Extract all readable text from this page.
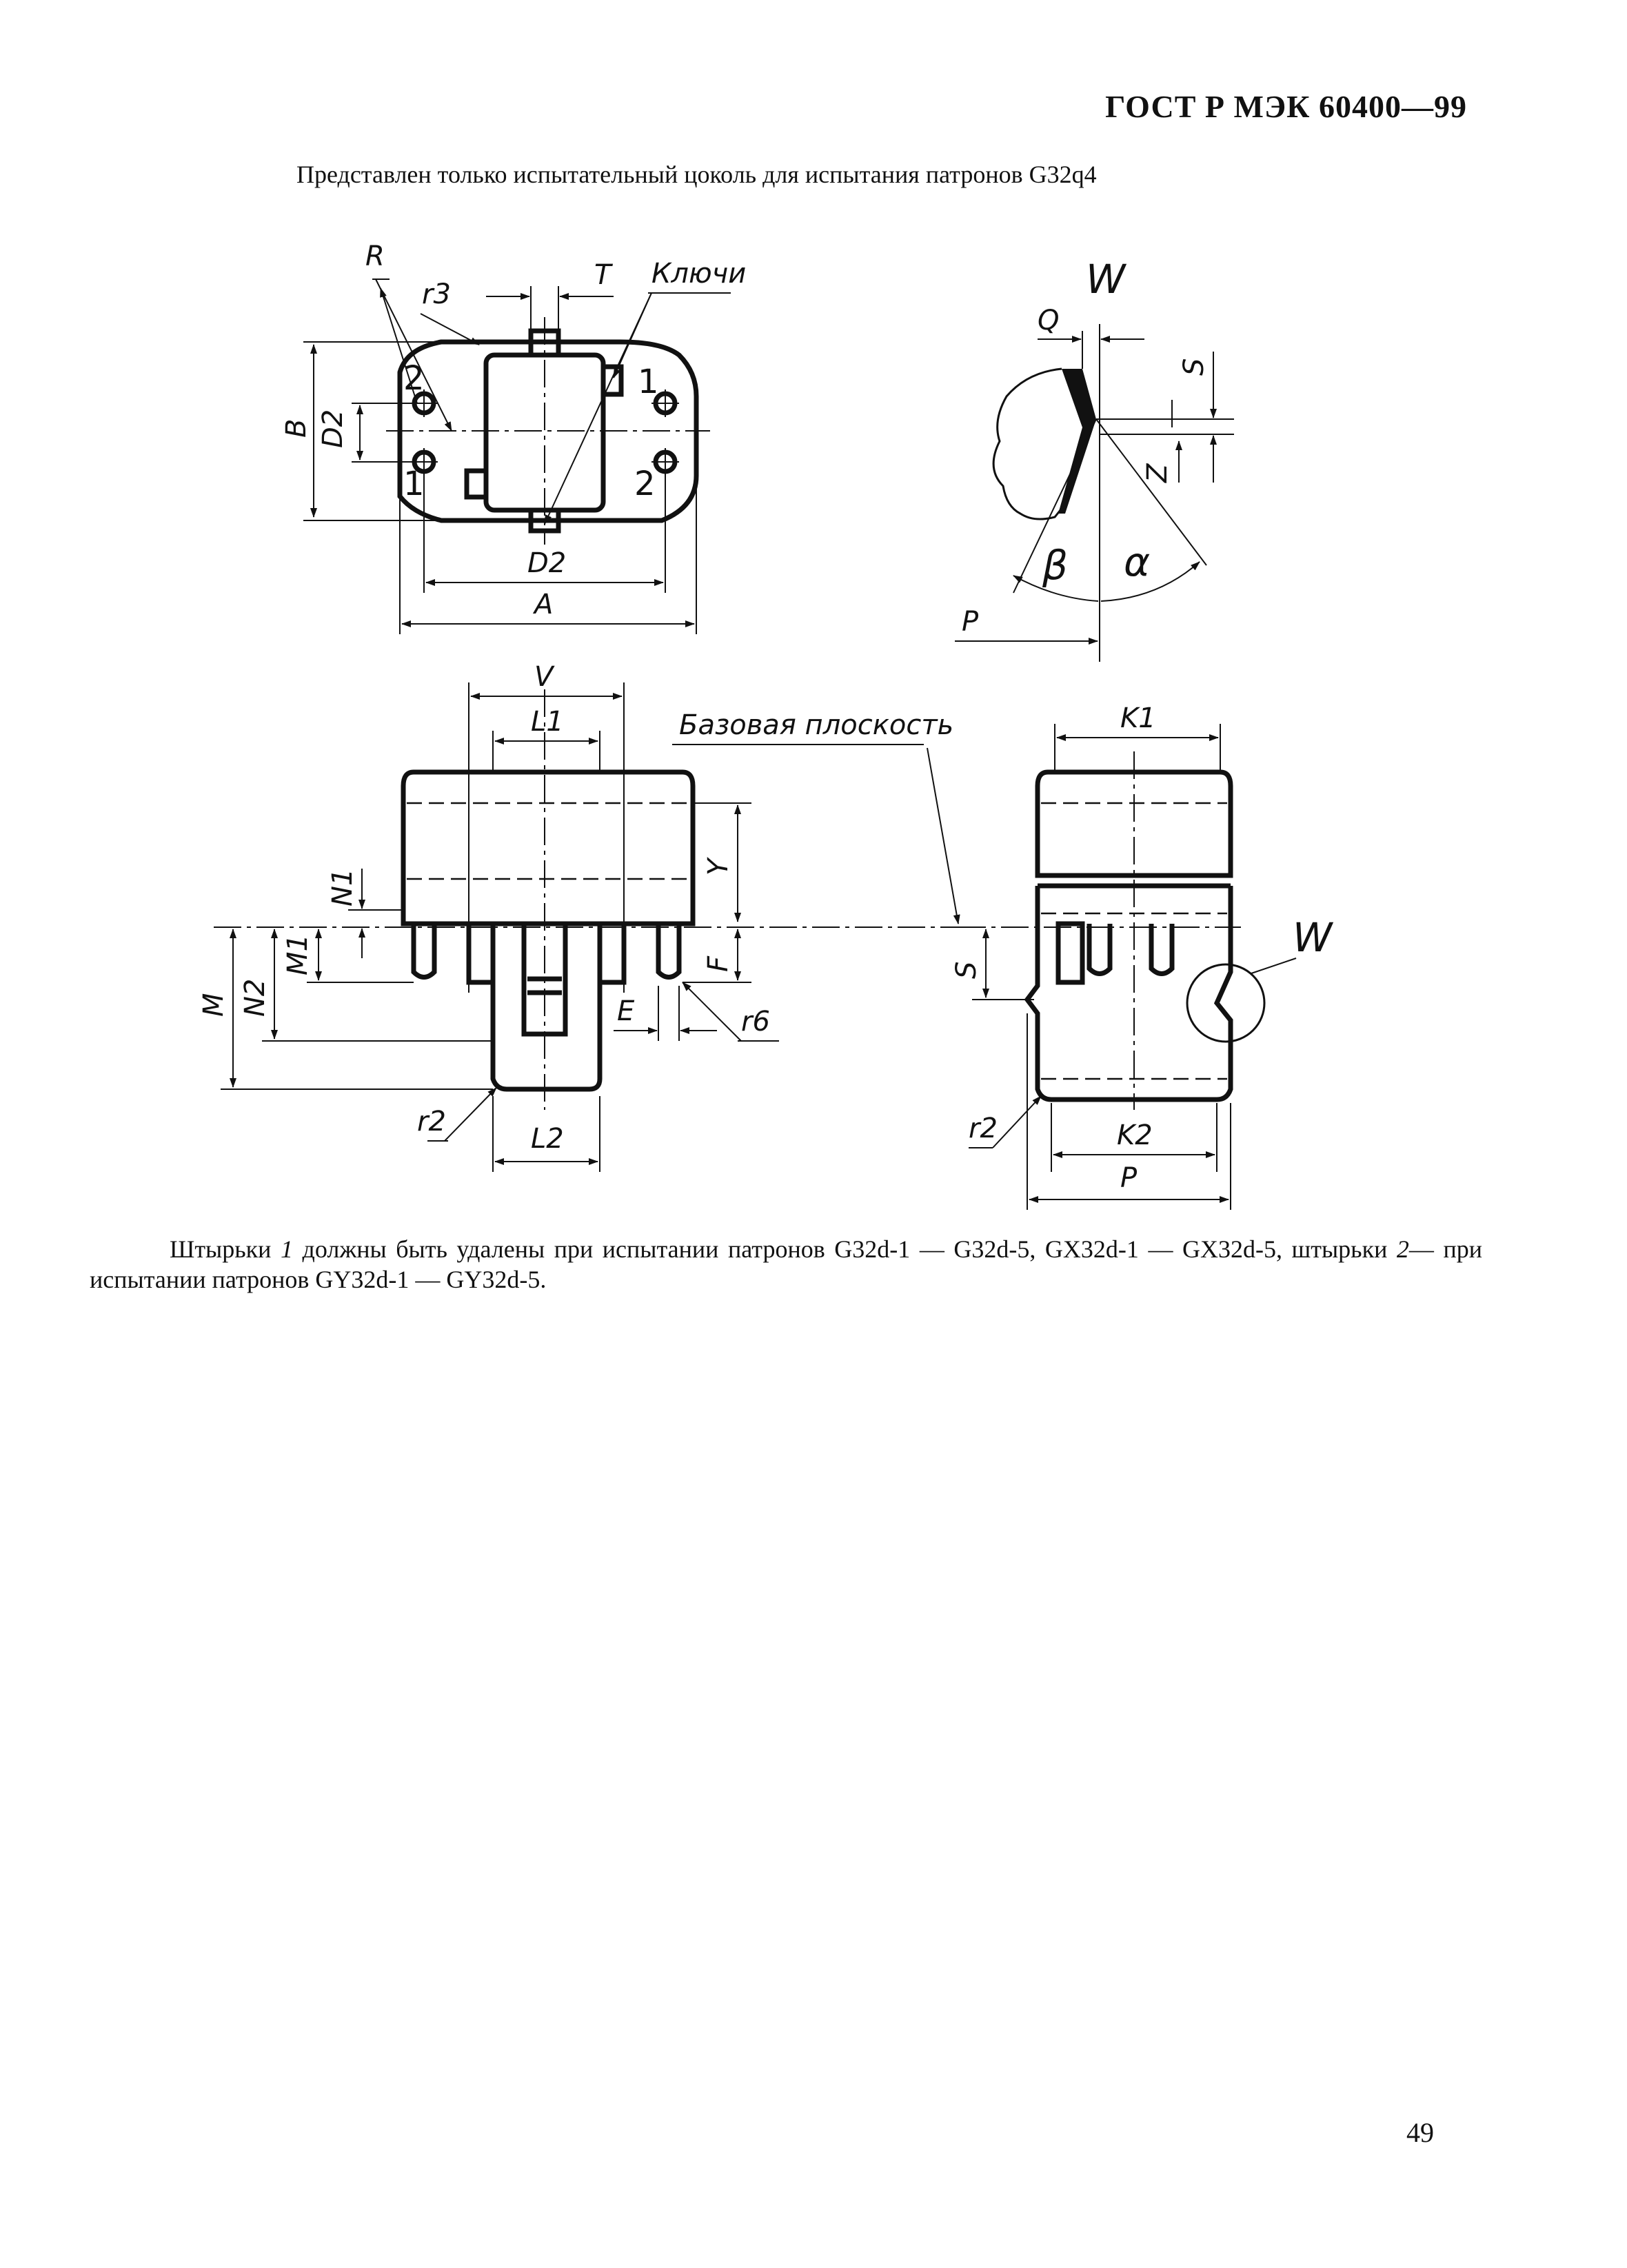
ГОСТ Р МЭК 60400—99
Представлен только испытательный цоколь для испытания патронов G32q4
2
1
1
2
R
r3
T Ключи
B D2
D2
A
Q
W
S
Z
β α
P
V
L1	Базовая плоскость
Y
F
E	r6
N1
M1
N2
M
r2
L2
W
K1
S
r2	K2
P
Штырьки 1 должны быть удалены при испытании патронов G32d-1 — G32d-5, GX32d-1 — GX32d-5, штырьки 2— при испытании патронов GY32d-1 — GY32d-5.
49
